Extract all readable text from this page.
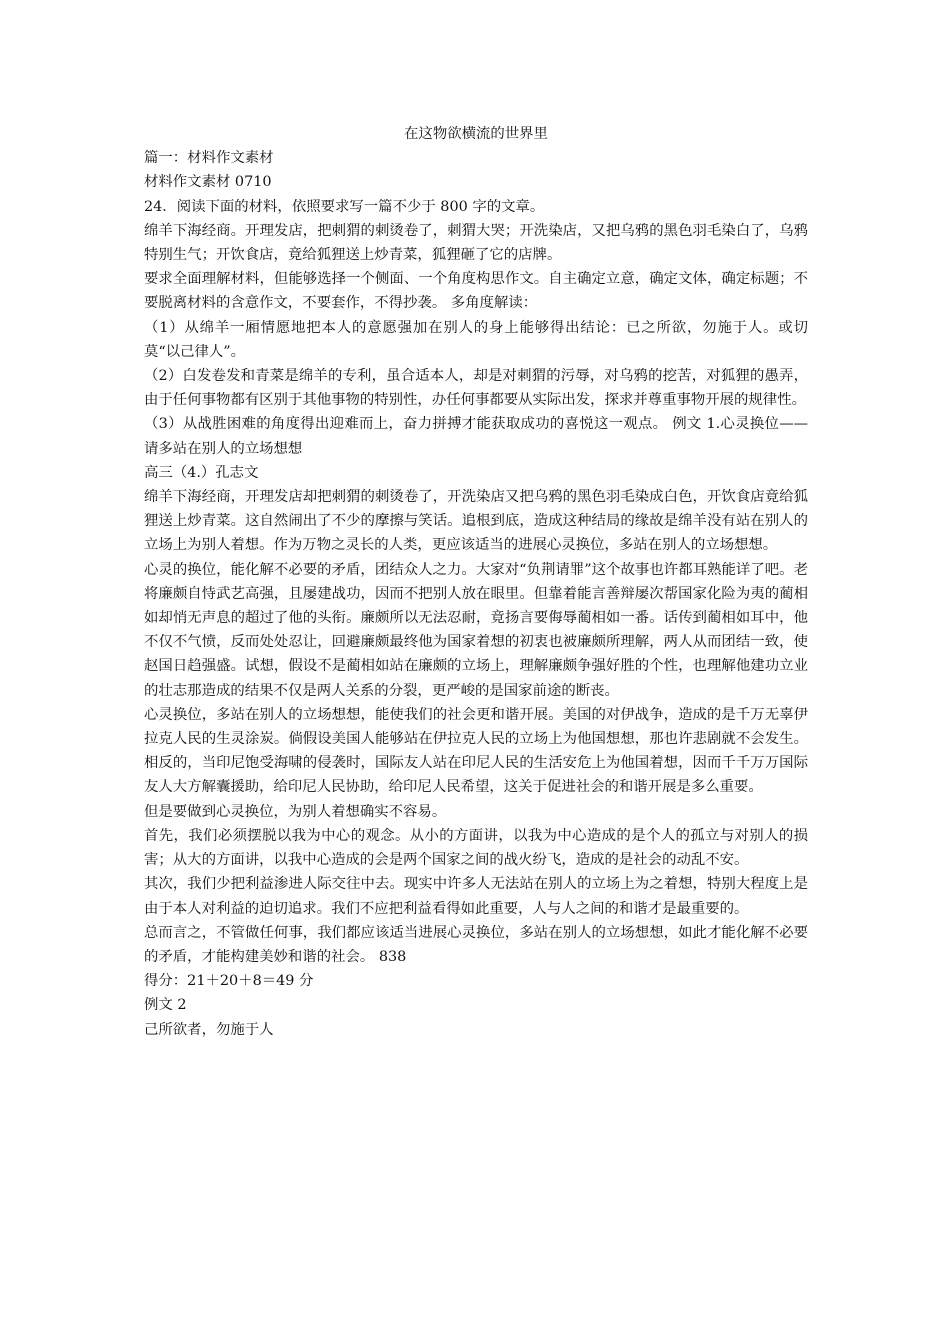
在这物欲横流的世界里

篇一：材料作文素材

材料作文素材 0710

24．阅读下面的材料，依照要求写一篇不少于 800 字的文章。

绵羊下海经商。开理发店，把刺猬的刺烫卷了，刺猬大哭；开洗染店，又把乌鸦的黑色羽毛染白了，乌鸦特别生气；开饮食店，竟给狐狸送上炒青菜，狐狸砸了它的店牌。

要求全面理解材料，但能够选择一个侧面、一个角度构思作文。自主确定立意，确定文体，确定标题；不要脱离材料的含意作文，不要套作，不得抄袭。 多角度解读：

（1）从绵羊一厢情愿地把本人的意愿强加在别人的身上能够得出结论：已之所欲，勿施于人。或切莫“以己律人”。

（2）白发卷发和青菜是绵羊的专利，虽合适本人，却是对刺猬的污辱，对乌鸦的挖苦，对狐狸的愚弄，由于任何事物都有区别于其他事物的特别性，办任何事都要从实际出发，探求并尊重事物开展的规律性。

（3）从战胜困难的角度得出迎难而上，奋力拼搏才能获取成功的喜悦这一观点。 例文 1.心灵换位——请多站在别人的立场想想

高三（4.）孔志文

绵羊下海经商，开理发店却把刺猬的刺烫卷了，开洗染店又把乌鸦的黑色羽毛染成白色，开饮食店竟给狐狸送上炒青菜。这自然闹出了不少的摩擦与笑话。追根到底，造成这种结局的缘故是绵羊没有站在别人的立场上为别人着想。作为万物之灵长的人类，更应该适当的进展心灵换位，多站在别人的立场想想。

心灵的换位，能化解不必要的矛盾，团结众人之力。大家对“负荆请罪”这个故事也许都耳熟能详了吧。老将廉颇自恃武艺高强，且屡建战功，因而不把别人放在眼里。但靠着能言善辩屡次帮国家化险为夷的蔺相如却悄无声息的超过了他的头衔。廉颇所以无法忍耐，竟扬言要侮辱蔺相如一番。话传到蔺相如耳中，他不仅不气愤，反而处处忍让，回避廉颇最终他为国家着想的初衷也被廉颇所理解，两人从而团结一致，使赵国日趋强盛。试想，假设不是蔺相如站在廉颇的立场上，理解廉颇争强好胜的个性，也理解他建功立业的壮志那造成的结果不仅是两人关系的分裂，更严峻的是国家前途的断丧。

心灵换位，多站在别人的立场想想，能使我们的社会更和谐开展。美国的对伊战争，造成的是千万无辜伊拉克人民的生灵涂炭。倘假设美国人能够站在伊拉克人民的立场上为他国想想，那也许悲剧就不会发生。相反的，当印尼饱受海啸的侵袭时，国际友人站在印尼人民的生活安危上为他国着想，因而千千万万国际友人大方解囊援助，给印尼人民协助，给印尼人民希望，这关于促进社会的和谐开展是多么重要。

但是要做到心灵换位，为别人着想确实不容易。

首先，我们必须摆脱以我为中心的观念。从小的方面讲，以我为中心造成的是个人的孤立与对别人的损害；从大的方面讲，以我中心造成的会是两个国家之间的战火纷飞，造成的是社会的动乱不安。

其次，我们少把利益渗进人际交往中去。现实中许多人无法站在别人的立场上为之着想，特别大程度上是由于本人对利益的迫切追求。我们不应把利益看得如此重要，人与人之间的和谐才是最重要的。

总而言之，不管做任何事，我们都应该适当进展心灵换位，多站在别人的立场想想，如此才能化解不必要的矛盾，才能构建美妙和谐的社会。 838

得分：21＋20＋8＝49 分

例文 2

己所欲者，勿施于人
